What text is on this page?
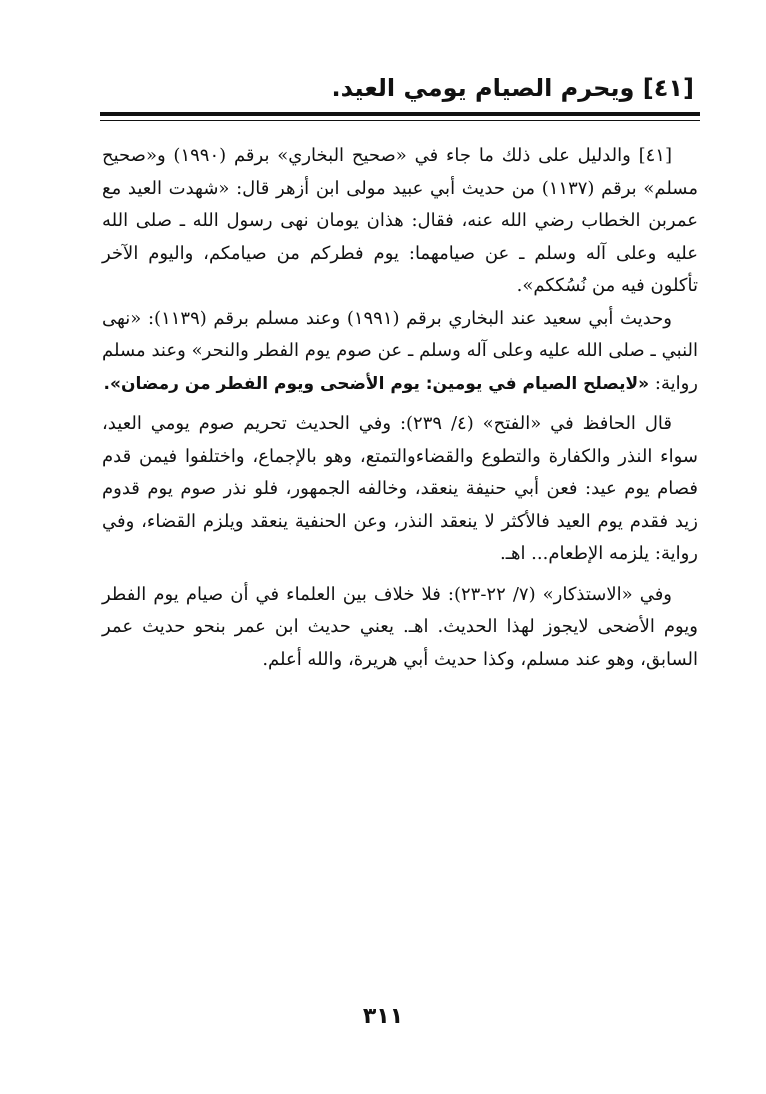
[٤١] ويحرم الصيام يومي العيد.

[٤١] والدليل على ذلك ما جاء في «صحيح البخاري» برقم (١٩٩٠) و«صحيح مسلم» برقم (١١٣٧) من حديث أبي عبيد مولى ابن أزهر قال: «شهدت العيد مع عمربن الخطاب رضي الله عنه، فقال: هذان يومان نهى رسول الله ـ صلى الله عليه وعلى آله وسلم ـ عن صيامهما: يوم فطركم من صيامكم، واليوم الآخر تأكلون فيه من نُسُككم».

وحديث أبي سعيد عند البخاري برقم (١٩٩١) وعند مسلم برقم (١١٣٩): «نهى النبي ـ صلى الله عليه وعلى آله وسلم ـ عن صوم يوم الفطر والنحر» وعند مسلم رواية: «لايصلح الصيام في يومين: يوم الأضحى ويوم الفطر من رمضان».

قال الحافظ في «الفتح» (٤/ ٢٣٩): وفي الحديث تحريم صوم يومي العيد، سواء النذر والكفارة والتطوع والقضاءوالتمتع، وهو بالإجماع، واختلفوا فيمن قدم فصام يوم عيد: فعن أبي حنيفة ينعقد، وخالفه الجمهور، فلو نذر صوم يوم قدوم زيد فقدم يوم العيد فالأكثر لا ينعقد النذر، وعن الحنفية ينعقد ويلزم القضاء، وفي رواية: يلزمه الإطعام... اهـ.

وفي «الاستذكار» (٧/ ٢٢-٢٣): فلا خلاف بين العلماء في أن صيام يوم الفطر ويوم الأضحى لايجوز لهذا الحديث. اهـ. يعني حديث ابن عمر بنحو حديث عمر السابق، وهو عند مسلم، وكذا حديث أبي هريرة، والله أعلم.

٣١١
